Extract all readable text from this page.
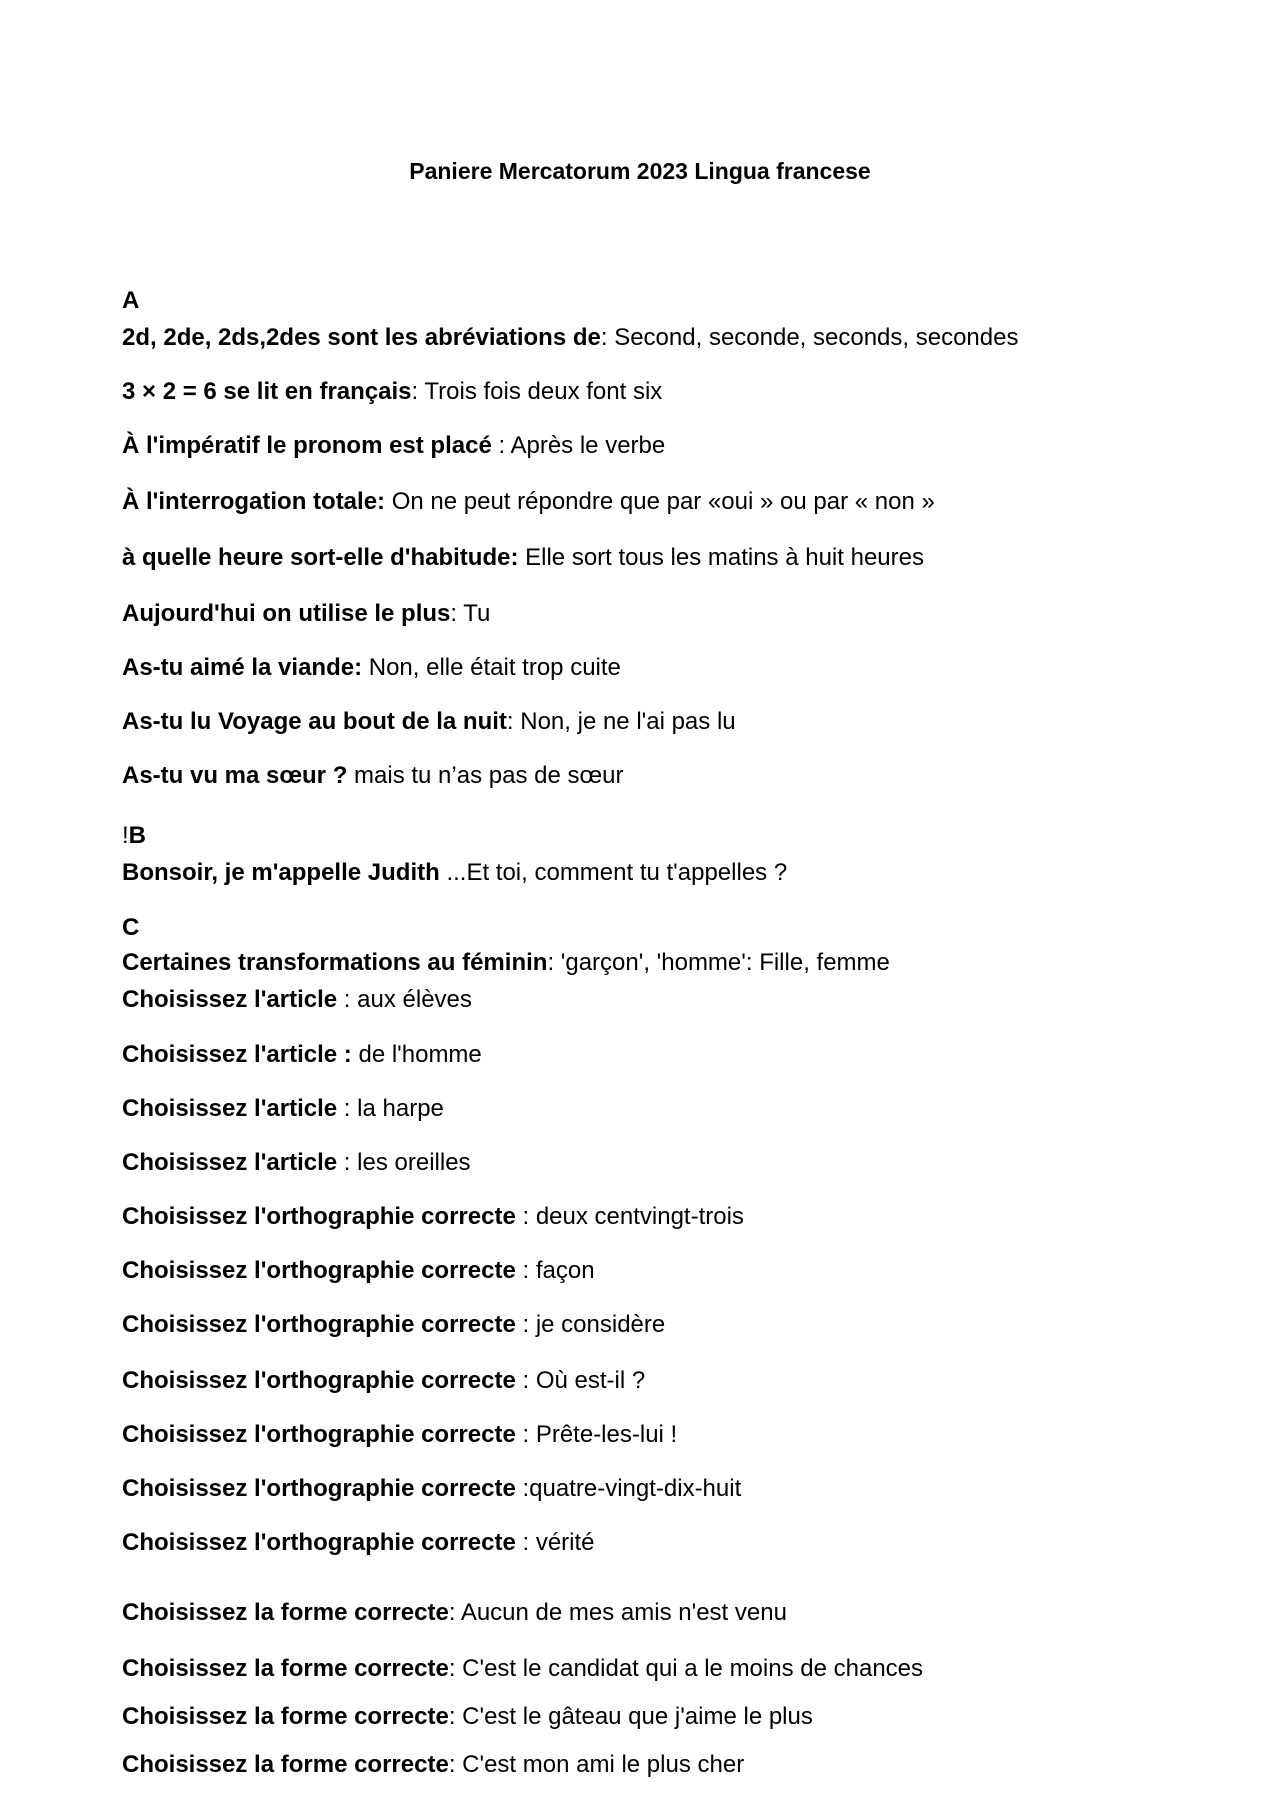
Paniere Mercatorum 2023 Lingua francese
A
2d, 2de, 2ds,2des sont les abréviations de: Second, seconde, seconds, secondes
3 × 2 = 6 se lit en français: Trois fois deux font six
À l'impératif le pronom est placé : Après le verbe
À l'interrogation totale: On ne peut répondre que par «oui » ou par « non »
à quelle heure sort-elle d'habitude: Elle sort tous les matins à huit heures
Aujourd'hui on utilise le plus: Tu
As-tu aimé la viande: Non, elle était trop cuite
As-tu lu Voyage au bout de la nuit: Non, je ne l'ai pas lu
As-tu vu ma sœur ? mais tu n’as pas de sœur
!B
Bonsoir, je m'appelle Judith ...Et toi, comment tu t'appelles ?
C
Certaines transformations au féminin: 'garçon', 'homme': Fille, femme
Choisissez l'article : aux élèves
Choisissez l'article : de l'homme
Choisissez l'article : la harpe
Choisissez l'article : les oreilles
Choisissez l'orthographie correcte : deux centvingt-trois
Choisissez l'orthographie correcte : façon
Choisissez l'orthographie correcte : je considère
Choisissez l'orthographie correcte : Où est-il ?
Choisissez l'orthographie correcte : Prête-les-lui !
Choisissez l'orthographie correcte :quatre-vingt-dix-huit
Choisissez l'orthographie correcte : vérité
Choisissez la forme correcte: Aucun de mes amis n'est venu
Choisissez la forme correcte: C'est le candidat qui a le moins de chances
Choisissez la forme correcte: C'est le gâteau que j'aime le plus
Choisissez la forme correcte: C'est mon ami le plus cher
